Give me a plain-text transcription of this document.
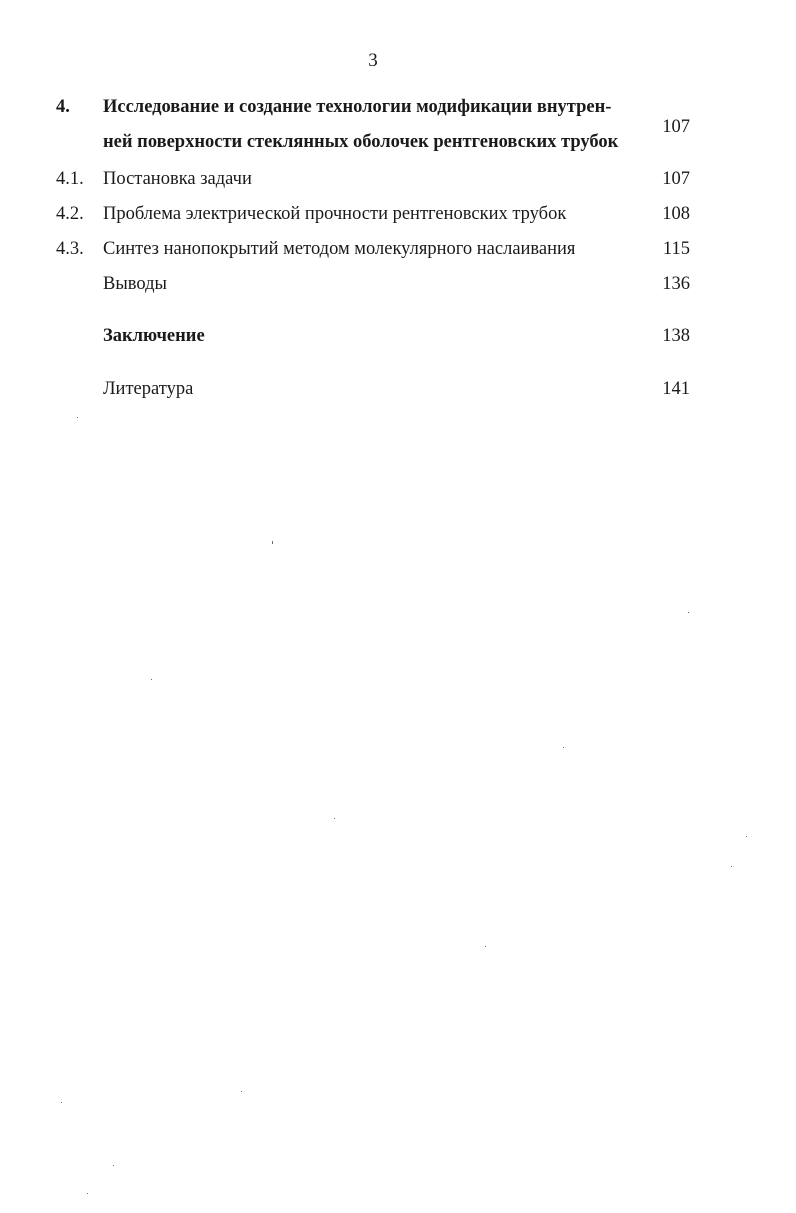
3
4. Исследование и создание технологии модификации внутрен-
ней поверхности стеклянных оболочек рентгеновских трубок
107
4.1. Постановка задачи	107
4.2. Проблема электрической прочности рентгеновских трубок	108
4.3. Синтез нанопокрытий методом молекулярного наслаивания	115
Выводы	136
Заключение	138
Литература	141
